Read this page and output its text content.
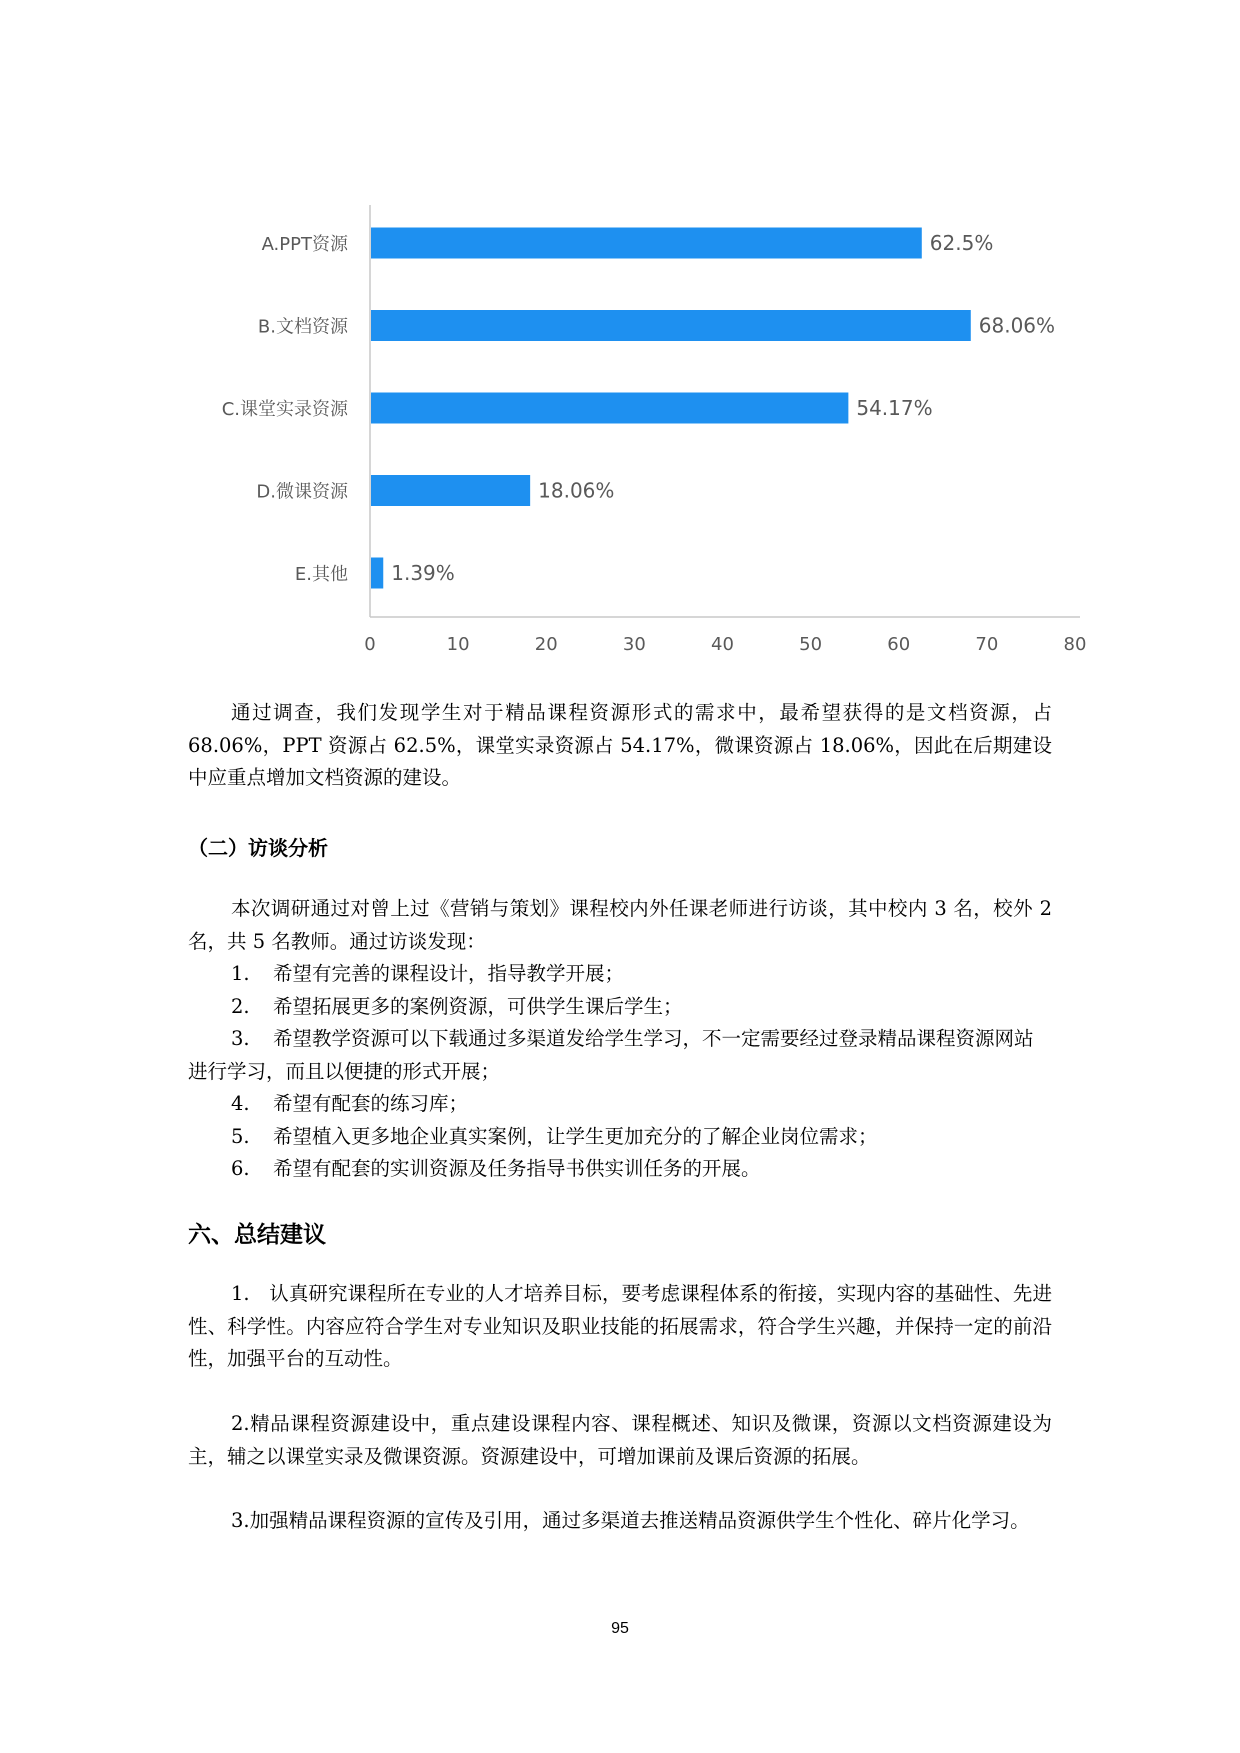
A.PPT资源	62.5%
B.文档资源	68.06%
C.课堂实录资源	54.17%
D.微课资源	18.06%
E.其他 1.39%
0	10	20	30	40	50	60	70	80

通过调查，我们发现学生对于精品课程资源形式的需求中，最希望获得的是文档资源，占 68.06%，PPT 资源占 62.5%，课堂实录资源占 54.17%，微课资源占 18.06%，因此在后期建设中应重点增加文档资源的建设。

（二）访谈分析

本次调研通过对曾上过《营销与策划》课程校内外任课老师进行访谈，其中校内 3 名，校外 2 名，共 5 名教师。通过访谈发现：

1. 希望有完善的课程设计，指导教学开展；
2. 希望拓展更多的案例资源，可供学生课后学生；
3. 希望教学资源可以下载通过多渠道发给学生学习，不一定需要经过登录精品课程资源网站进行学习，而且以便捷的形式开展；
4. 希望有配套的练习库；
5. 希望植入更多地企业真实案例，让学生更加充分的了解企业岗位需求；
6. 希望有配套的实训资源及任务指导书供实训任务的开展。
六、总结建议

1.　认真研究课程所在专业的人才培养目标，要考虑课程体系的衔接，实现内容的基础性、先进性、科学性。内容应符合学生对专业知识及职业技能的拓展需求，符合学生兴趣，并保持一定的前沿性，加强平台的互动性。

2.精品课程资源建设中，重点建设课程内容、课程概述、知识及微课，资源以文档资源建设为主，辅之以课堂实录及微课资源。资源建设中，可增加课前及课后资源的拓展。

3.加强精品课程资源的宣传及引用，通过多渠道去推送精品资源供学生个性化、碎片化学习。

95
